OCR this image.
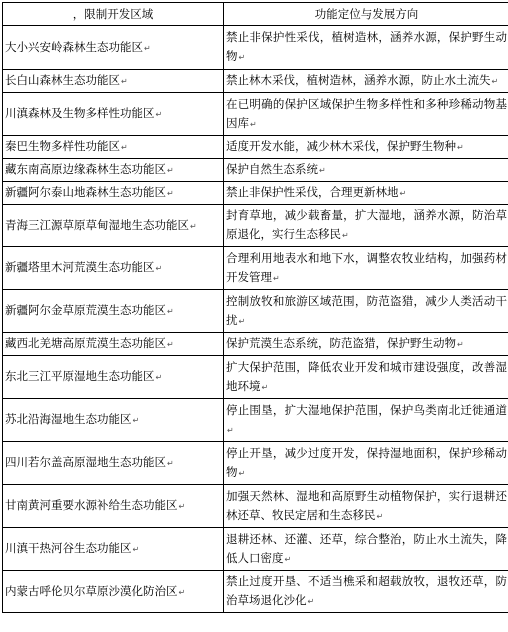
，限制开发区域	功能定位与发展方向
大小兴安岭森林生态功能区↵	禁止非保护性采伐，植树造林，涵养水源，保护野生动物↵
长白山森林生态功能区↵	禁止林木采伐，植树造林，涵养水源，防止水土流失↵
川滇森林及生物多样性功能区↵	在已明确的保护区域保护生物多样性和多种珍稀动物基因库↵
秦巴生物多样性功能区↵	适度开发水能，减少林木采伐，保护野生物种↵
藏东南高原边缘森林生态功能区↵	保护自然生态系统↵
新疆阿尔泰山地森林生态功能区↵	禁止非保护性采伐，合理更新林地↵
青海三江源草原草甸湿地生态功能区↵	封育草地，减少载畜量，扩大湿地，涵养水源，防治草原退化，实行生态移民↵
新疆塔里木河荒漠生态功能区↵	合理利用地表水和地下水，调整农牧业结构，加强药材开发管理↵
新疆阿尔金草原荒漠生态功能区↵	控制放牧和旅游区域范围，防范盗猎，减少人类活动干扰↵
藏西北羌塘高原荒漠生态功能区↵	保护荒漠生态系统，防范盗猎，保护野生动物↵
东北三江平原湿地生态功能区↵	扩大保护范围，降低农业开发和城市建设强度，改善湿地环境↵
苏北沿海湿地生态功能区↵	停止围垦，扩大湿地保护范围，保护鸟类南北迁徙通道↵
四川若尔盖高原湿地生态功能区↵	停止开垦，减少过度开发，保持湿地面积，保护珍稀动物↵
甘南黄河重要水源补给生态功能区↵	加强天然林、湿地和高原野生动植物保护，实行退耕还林还草、牧民定居和生态移民↵
川滇干热河谷生态功能区↵	退耕还林、还灌、还草，综合整治，防止水土流失，降低人口密度↵
内蒙古呼伦贝尔草原沙漠化防治区↵	禁止过度开垦、不适当樵采和超载放牧，退牧还草，防治草场退化沙化↵
